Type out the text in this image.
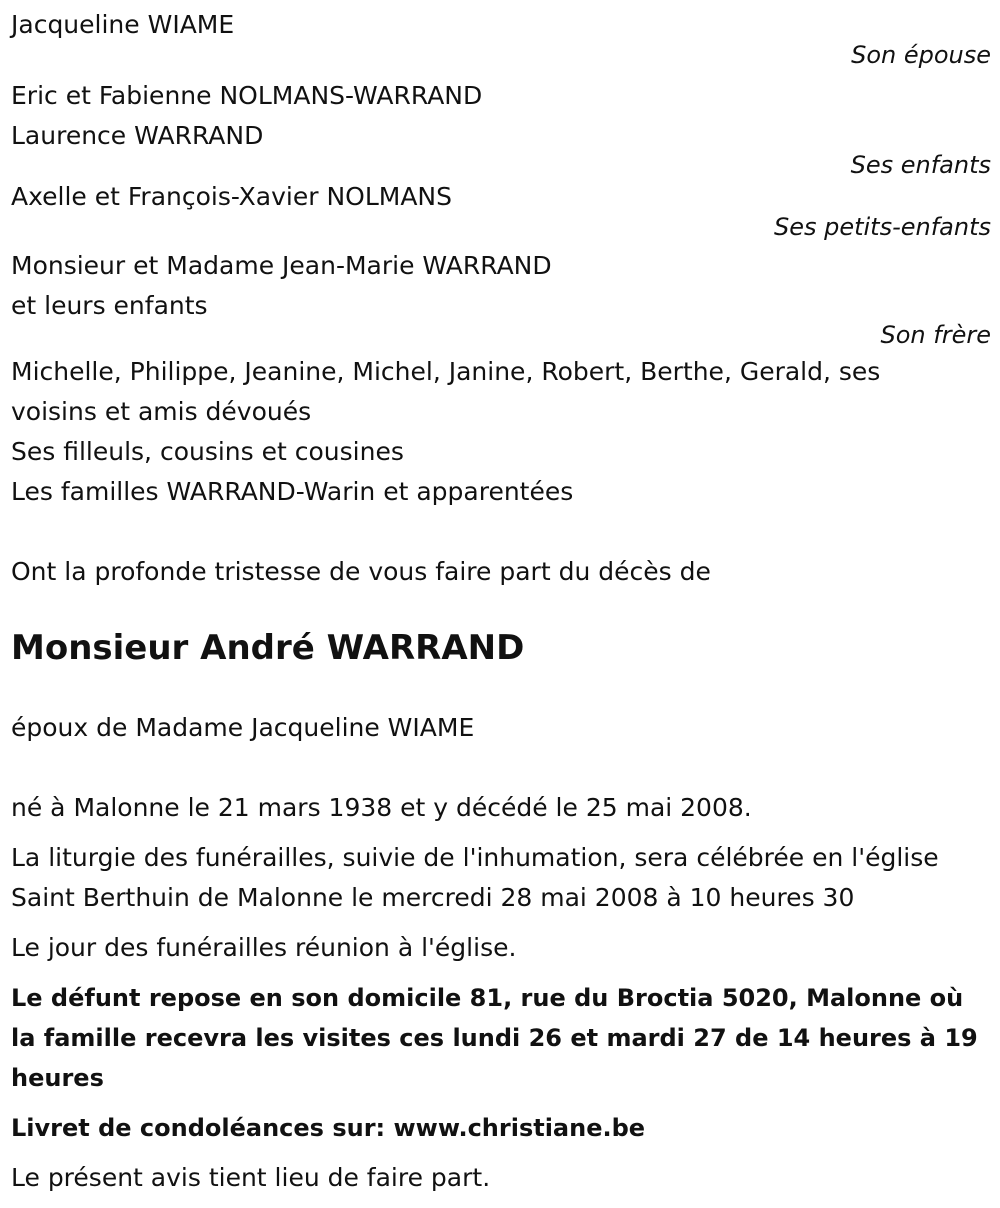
Jacqueline WIAME

Son épouse

Eric et Fabienne NOLMANS-WARRAND

Laurence WARRAND

Ses enfants

Axelle et François-Xavier NOLMANS

Ses petits-enfants

Monsieur et Madame Jean-Marie WARRAND

et leurs enfants

Son frère

Michelle, Philippe, Jeanine, Michel, Janine, Robert, Berthe, Gerald, ses voisins et amis dévoués

Ses filleuls, cousins et cousines

Les familles WARRAND-Warin et apparentées

Ont la profonde tristesse de vous faire part du décès de

Monsieur André WARRAND

époux de Madame Jacqueline WIAME

né à Malonne le 21 mars 1938 et y décédé le 25 mai 2008.

La liturgie des funérailles, suivie de l'inhumation, sera célébrée en l'église Saint Berthuin de Malonne le mercredi 28 mai 2008 à 10 heures 30

Le jour des funérailles réunion à l'église.

Le défunt repose en son domicile 81, rue du Broctia 5020, Malonne où la famille recevra les visites ces lundi 26 et mardi 27 de 14 heures à 19 heures

Livret de condoléances sur: www.christiane.be

Le présent avis tient lieu de faire part.
